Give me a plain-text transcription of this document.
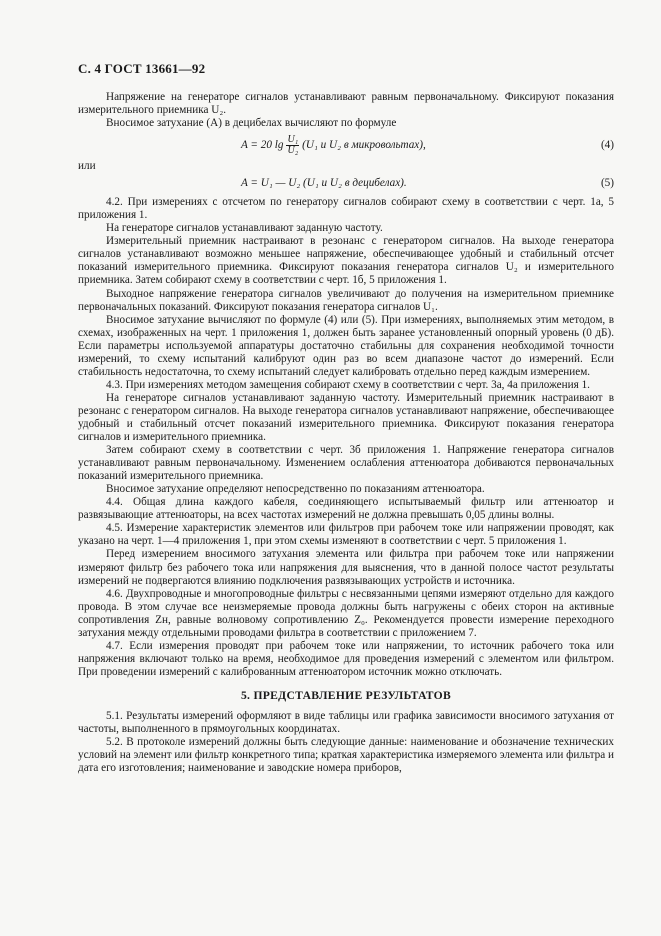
С. 4 ГОСТ 13661—92

Напряжение на генераторе сигналов устанавливают равным первоначальному. Фиксируют показания измерительного приемника U₂.

Вносимое затухание (A) в децибелах вычисляют по формуле

A = 20 $\lg \frac{\text{U₁}}{\text{U₂}} (U_1$ и U₂ в микровольтах),	(4)

или

A = U₁ — U₂ (U₁ и U₂ в децибелах).	(5)

4.2. При измерениях с отсчетом по генератору сигналов собирают схему в соответствии с черт. 1а, 5 приложения 1.

На генераторе сигналов устанавливают заданную частоту.

Измерительный приемник настраивают в резонанс с генератором сигналов. На выходе генератора сигналов устанавливают возможно меньшее напряжение, обеспечивающее удобный и стабильный отсчет показаний измерительного приемника. Фиксируют показания генератора сигналов U₂ и измерительного приемника. Затем собирают схему в соответствии с черт. 1б, 5 приложения 1.

Выходное напряжение генератора сигналов увеличивают до получения на измерительном приемнике первоначальных показаний. Фиксируют показания генератора сигналов U₁.

Вносимое затухание вычисляют по формуле (4) или (5). При измерениях, выполняемых этим методом, в схемах, изображенных на черт. 1 приложения 1, должен быть заранее установленный опорный уровень (0 дБ). Если параметры используемой аппаратуры достаточно стабильны для сохранения необходимой точности измерений, то схему испытаний калибруют один раз во всем диапазоне частот до измерений. Если стабильность недостаточна, то схему испытаний следует калибровать отдельно перед каждым измерением.

4.3. При измерениях методом замещения собирают схему в соответствии с черт. 3а, 4а приложения 1.

На генераторе сигналов устанавливают заданную частоту. Измерительный приемник настраивают в резонанс с генератором сигналов. На выходе генератора сигналов устанавливают напряжение, обеспечивающее удобный и стабильный отсчет показаний измерительного приемника. Фиксируют показания генератора сигналов и измерительного приемника.

Затем собирают схему в соответствии с черт. 3б приложения 1. Напряжение генератора сигналов устанавливают равным первоначальному. Изменением ослабления аттенюатора добиваются первоначальных показаний измерительного приемника.

Вносимое затухание определяют непосредственно по показаниям аттенюатора.

4.4. Общая длина каждого кабеля, соединяющего испытываемый фильтр или аттенюатор и развязывающие аттенюаторы, на всех частотах измерений не должна превышать 0,05 длины волны.

4.5. Измерение характеристик элементов или фильтров при рабочем токе или напряжении проводят, как указано на черт. 1—4 приложения 1, при этом схемы изменяют в соответствии с черт. 5 приложения 1.

Перед измерением вносимого затухания элемента или фильтра при рабочем токе или напряжении измеряют фильтр без рабочего тока или напряжения для выяснения, что в данной полосе частот результаты измерений не подвергаются влиянию подключения развязывающих устройств и источника.

4.6. Двухпроводные и многопроводные фильтры с несвязанными цепями измеряют отдельно для каждого провода. В этом случае все неизмеряемые провода должны быть нагружены с обеих сторон на активные сопротивления Zн, равные волновому сопротивлению Z₀. Рекомендуется провести измерение переходного затухания между отдельными проводами фильтра в соответствии с приложением 7.

4.7. Если измерения проводят при рабочем токе или напряжении, то источник рабочего тока или напряжения включают только на время, необходимое для проведения измерений с элементом или фильтром. При проведении измерений с калиброванным аттенюатором источник можно отключать.

5. ПРЕДСТАВЛЕНИЕ РЕЗУЛЬТАТОВ

5.1. Результаты измерений оформляют в виде таблицы или графика зависимости вносимого затухания от частоты, выполненного в прямоугольных координатах.

5.2. В протоколе измерений должны быть следующие данные: наименование и обозначение технических условий на элемент или фильтр конкретного типа; краткая характеристика измеряемого элемента или фильтра и дата его изготовления; наименование и заводские номера приборов,
